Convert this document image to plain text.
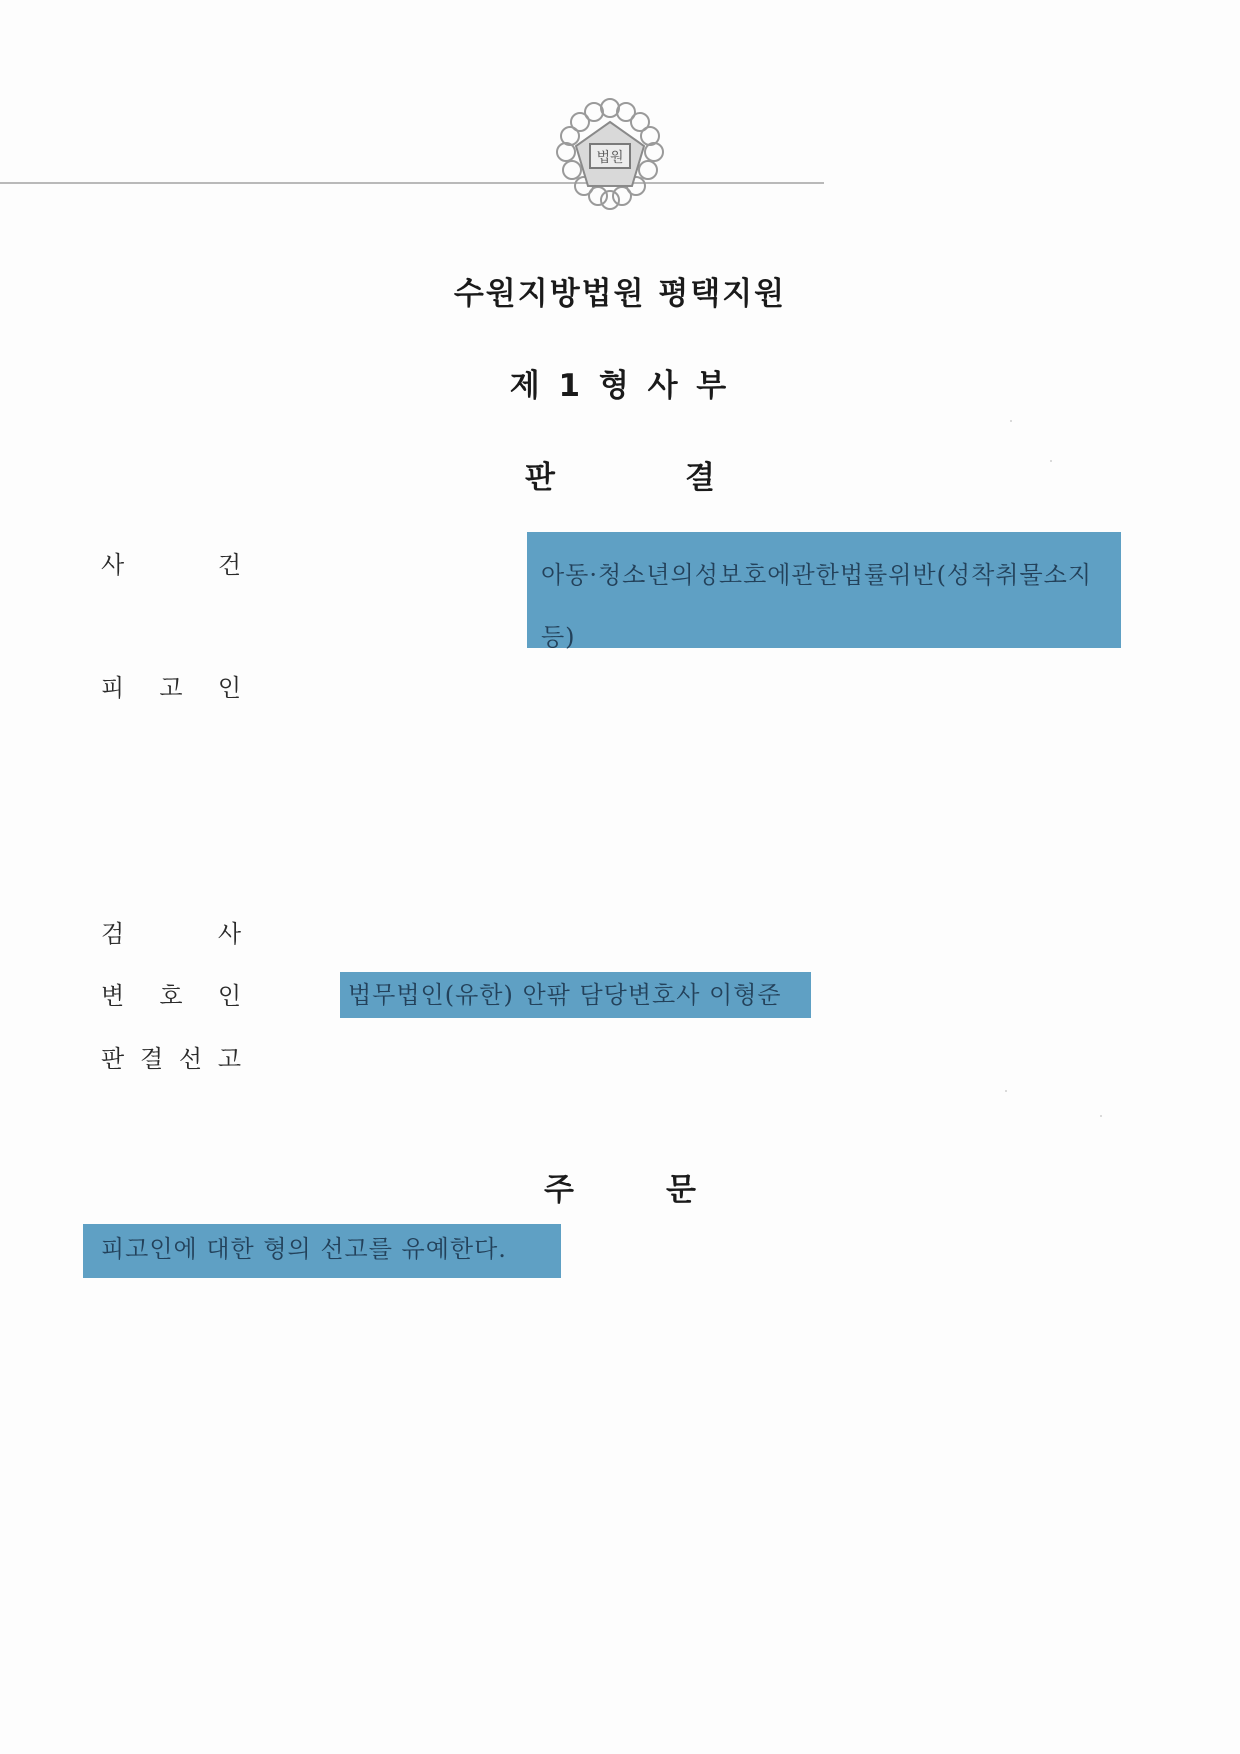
법원
수원지방법원 평택지원
제 1 형 사 부
판	결
사	건	아동·청소년의성보호에관한법률위반(성착취물소지등)
피 고 인
검	사
변 호 인	법무법인(유한) 안팎 담당변호사 이형준
판 결 선 고
주	문
피고인에 대한 형의 선고를 유예한다.
